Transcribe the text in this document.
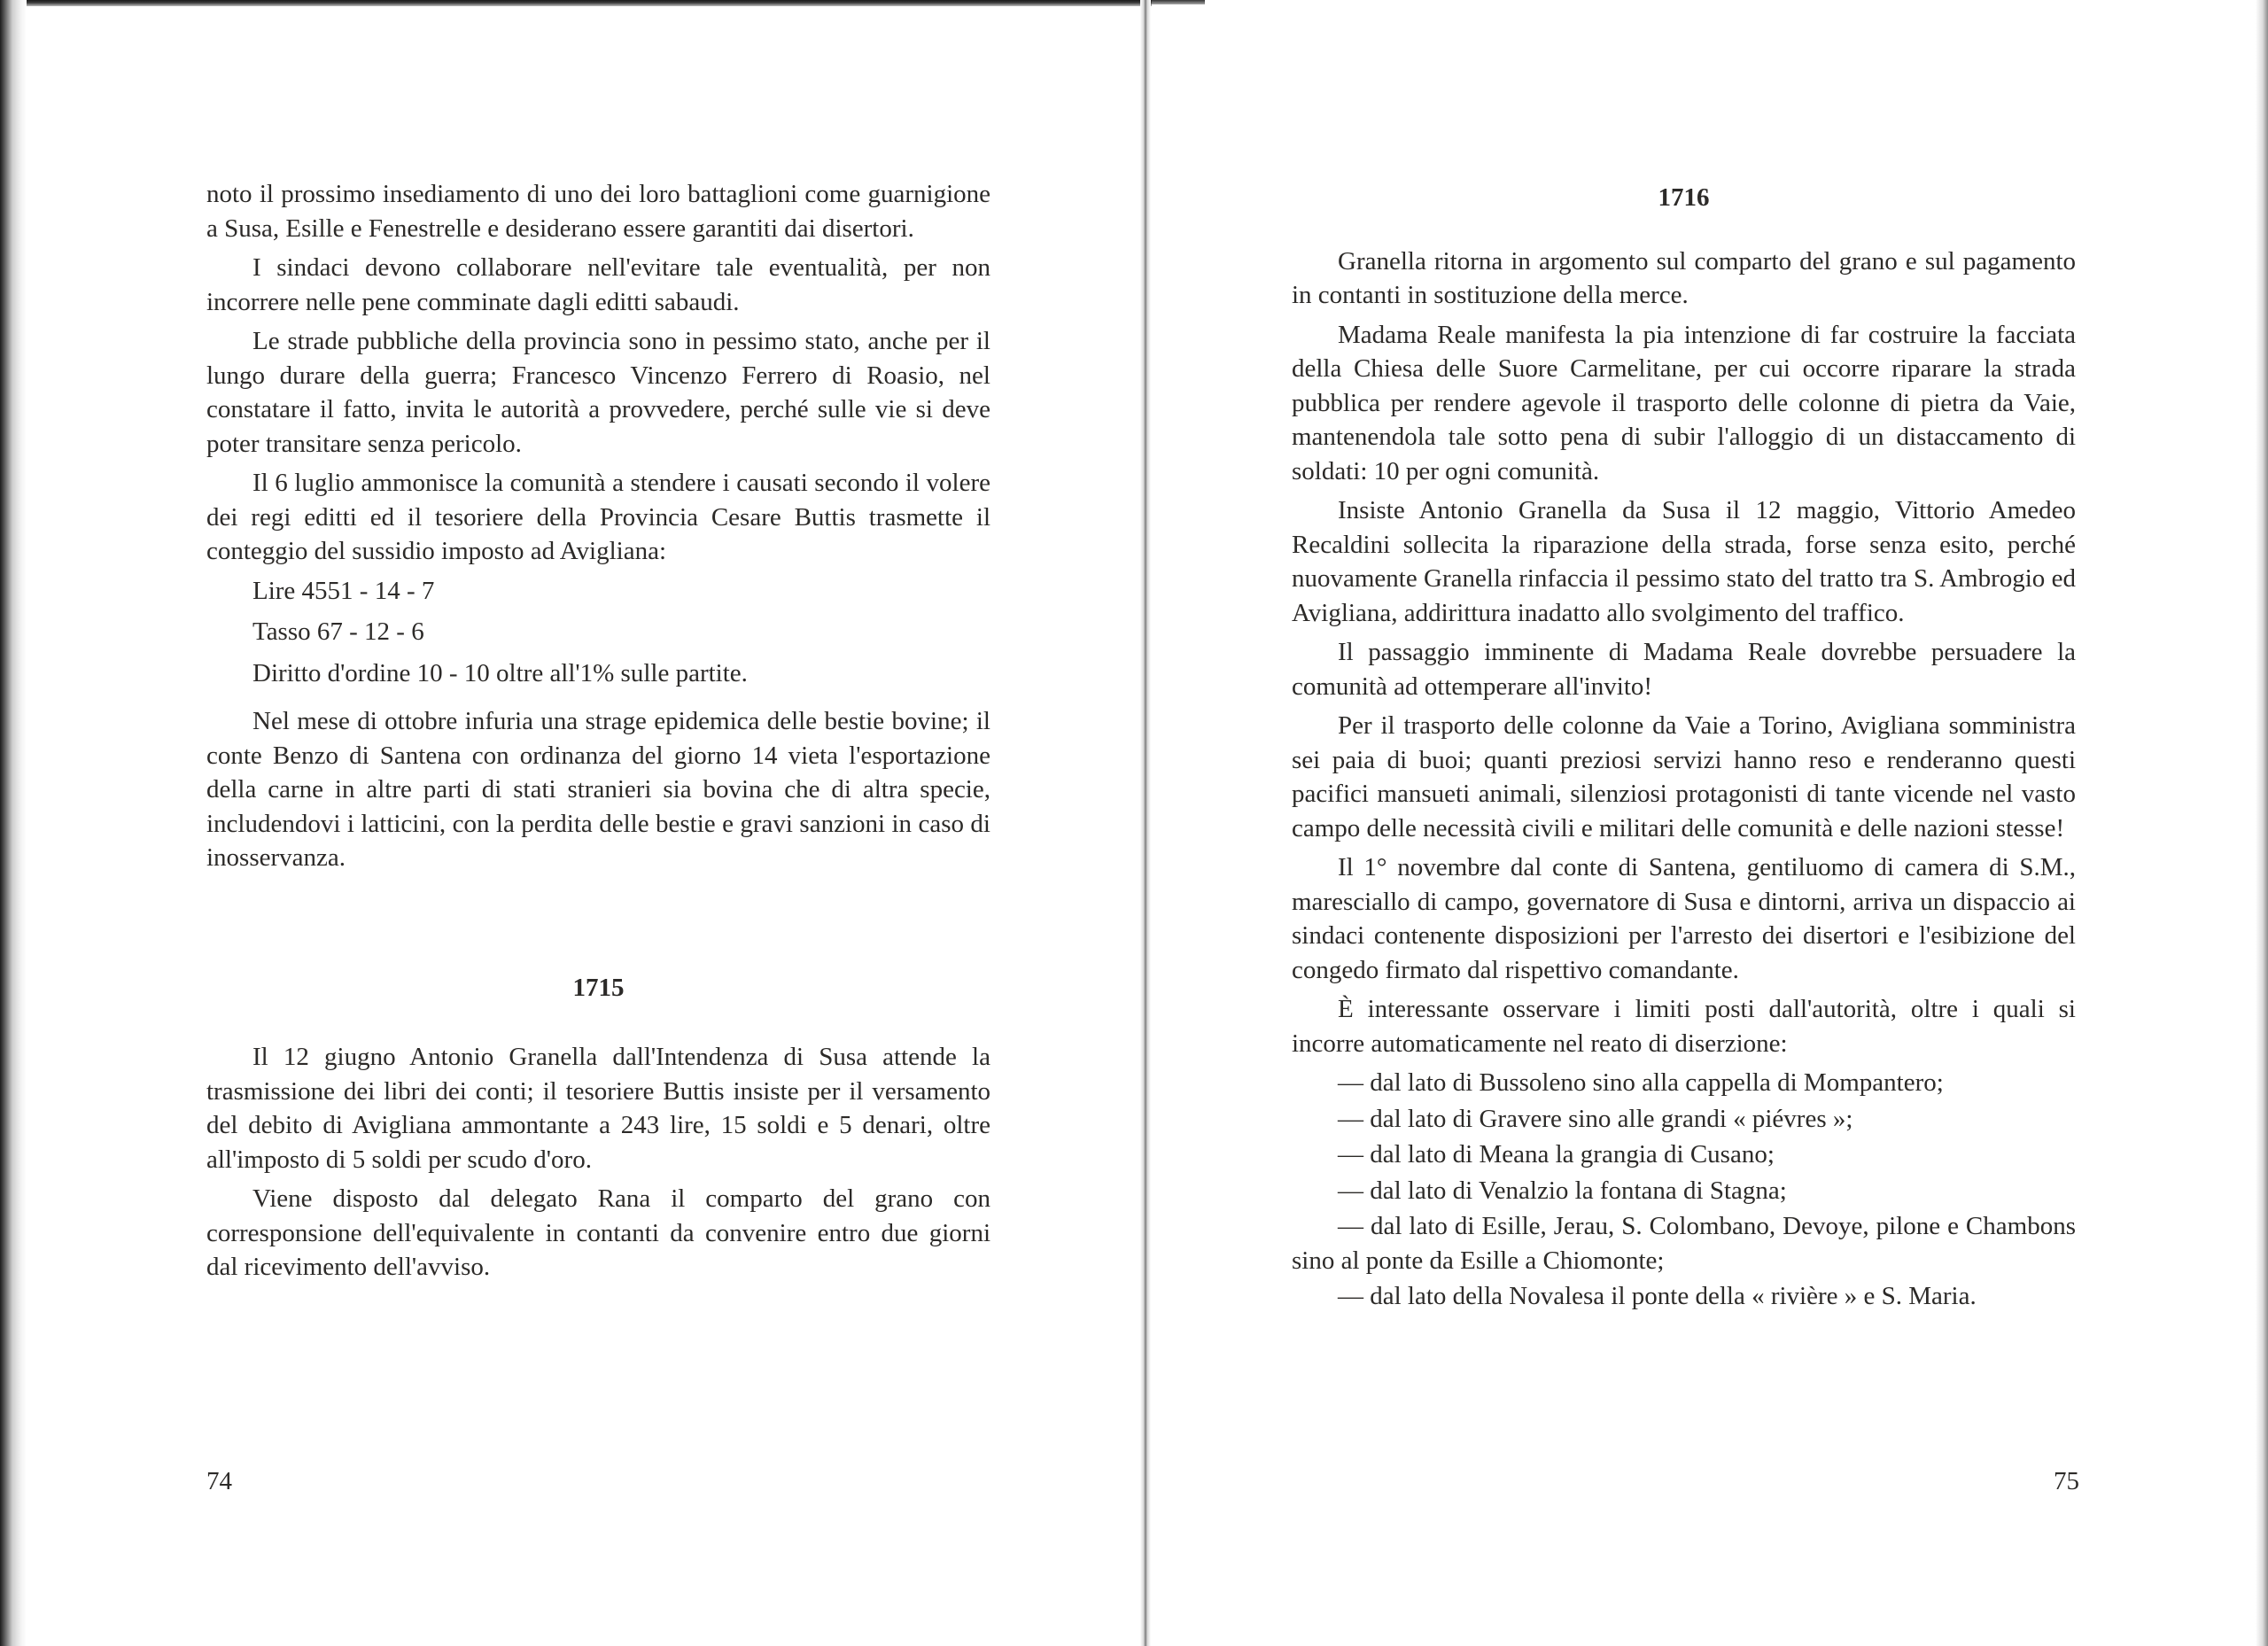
noto il prossimo insediamento di uno dei loro battaglioni come guarnigione a Susa, Esille e Fenestrelle e desiderano essere garantiti dai disertori.

I sindaci devono collaborare nell'evitare tale eventualità, per non incorrere nelle pene comminate dagli editti sabaudi.

Le strade pubbliche della provincia sono in pessimo stato, anche per il lungo durare della guerra; Francesco Vincenzo Ferrero di Roasio, nel constatare il fatto, invita le autorità a provvedere, perché sulle vie si deve poter transitare senza pericolo.

Il 6 luglio ammonisce la comunità a stendere i causati secondo il volere dei regi editti ed il tesoriere della Provincia Cesare Buttis trasmette il conteggio del sussidio imposto ad Avigliana:

Lire 4551 - 14 - 7
Tasso 67 - 12 - 6
Diritto d'ordine 10 - 10 oltre all'1% sulle partite.

Nel mese di ottobre infuria una strage epidemica delle bestie bovine; il conte Benzo di Santena con ordinanza del giorno 14 vieta l'esportazione della carne in altre parti di stati stranieri sia bovina che di altra specie, includendovi i latticini, con la perdita delle bestie e gravi sanzioni in caso di inosservanza.

1715

Il 12 giugno Antonio Granella dall'Intendenza di Susa attende la trasmissione dei libri dei conti; il tesoriere Buttis insiste per il versamento del debito di Avigliana ammontante a 243 lire, 15 soldi e 5 denari, oltre all'imposto di 5 soldi per scudo d'oro.

Viene disposto dal delegato Rana il comparto del grano con corresponsione dell'equivalente in contanti da convenire entro due giorni dal ricevimento dell'avviso.

74
1716

Granella ritorna in argomento sul comparto del grano e sul pagamento in contanti in sostituzione della merce.

Madama Reale manifesta la pia intenzione di far costruire la facciata della Chiesa delle Suore Carmelitane, per cui occorre riparare la strada pubblica per rendere agevole il trasporto delle colonne di pietra da Vaie, mantenendola tale sotto pena di subir l'alloggio di un distaccamento di soldati: 10 per ogni comunità.

Insiste Antonio Granella da Susa il 12 maggio, Vittorio Amedeo Recaldini sollecita la riparazione della strada, forse senza esito, perché nuovamente Granella rinfaccia il pessimo stato del tratto tra S. Ambrogio ed Avigliana, addirittura inadatto allo svolgimento del traffico.

Il passaggio imminente di Madama Reale dovrebbe persuadere la comunità ad ottemperare all'invito!

Per il trasporto delle colonne da Vaie a Torino, Avigliana somministra sei paia di buoi; quanti preziosi servizi hanno reso e renderanno questi pacifici mansueti animali, silenziosi protagonisti di tante vicende nel vasto campo delle necessità civili e militari delle comunità e delle nazioni stesse!

Il 1° novembre dal conte di Santena, gentiluomo di camera di S.M., maresciallo di campo, governatore di Susa e dintorni, arriva un dispaccio ai sindaci contenente disposizioni per l'arresto dei disertori e l'esibizione del congedo firmato dal rispettivo comandante.

È interessante osservare i limiti posti dall'autorità, oltre i quali si incorre automaticamente nel reato di diserzione:

— dal lato di Bussoleno sino alla cappella di Mompantero;
— dal lato di Gravere sino alle grandi « piévres »;
— dal lato di Meana la grangia di Cusano;
— dal lato di Venalzio la fontana di Stagna;
— dal lato di Esille, Jerau, S. Colombano, Devoye, pilone e Chambons sino al ponte da Esille a Chiomonte;
— dal lato della Novalesa il ponte della « rivière » e S. Maria.
75
